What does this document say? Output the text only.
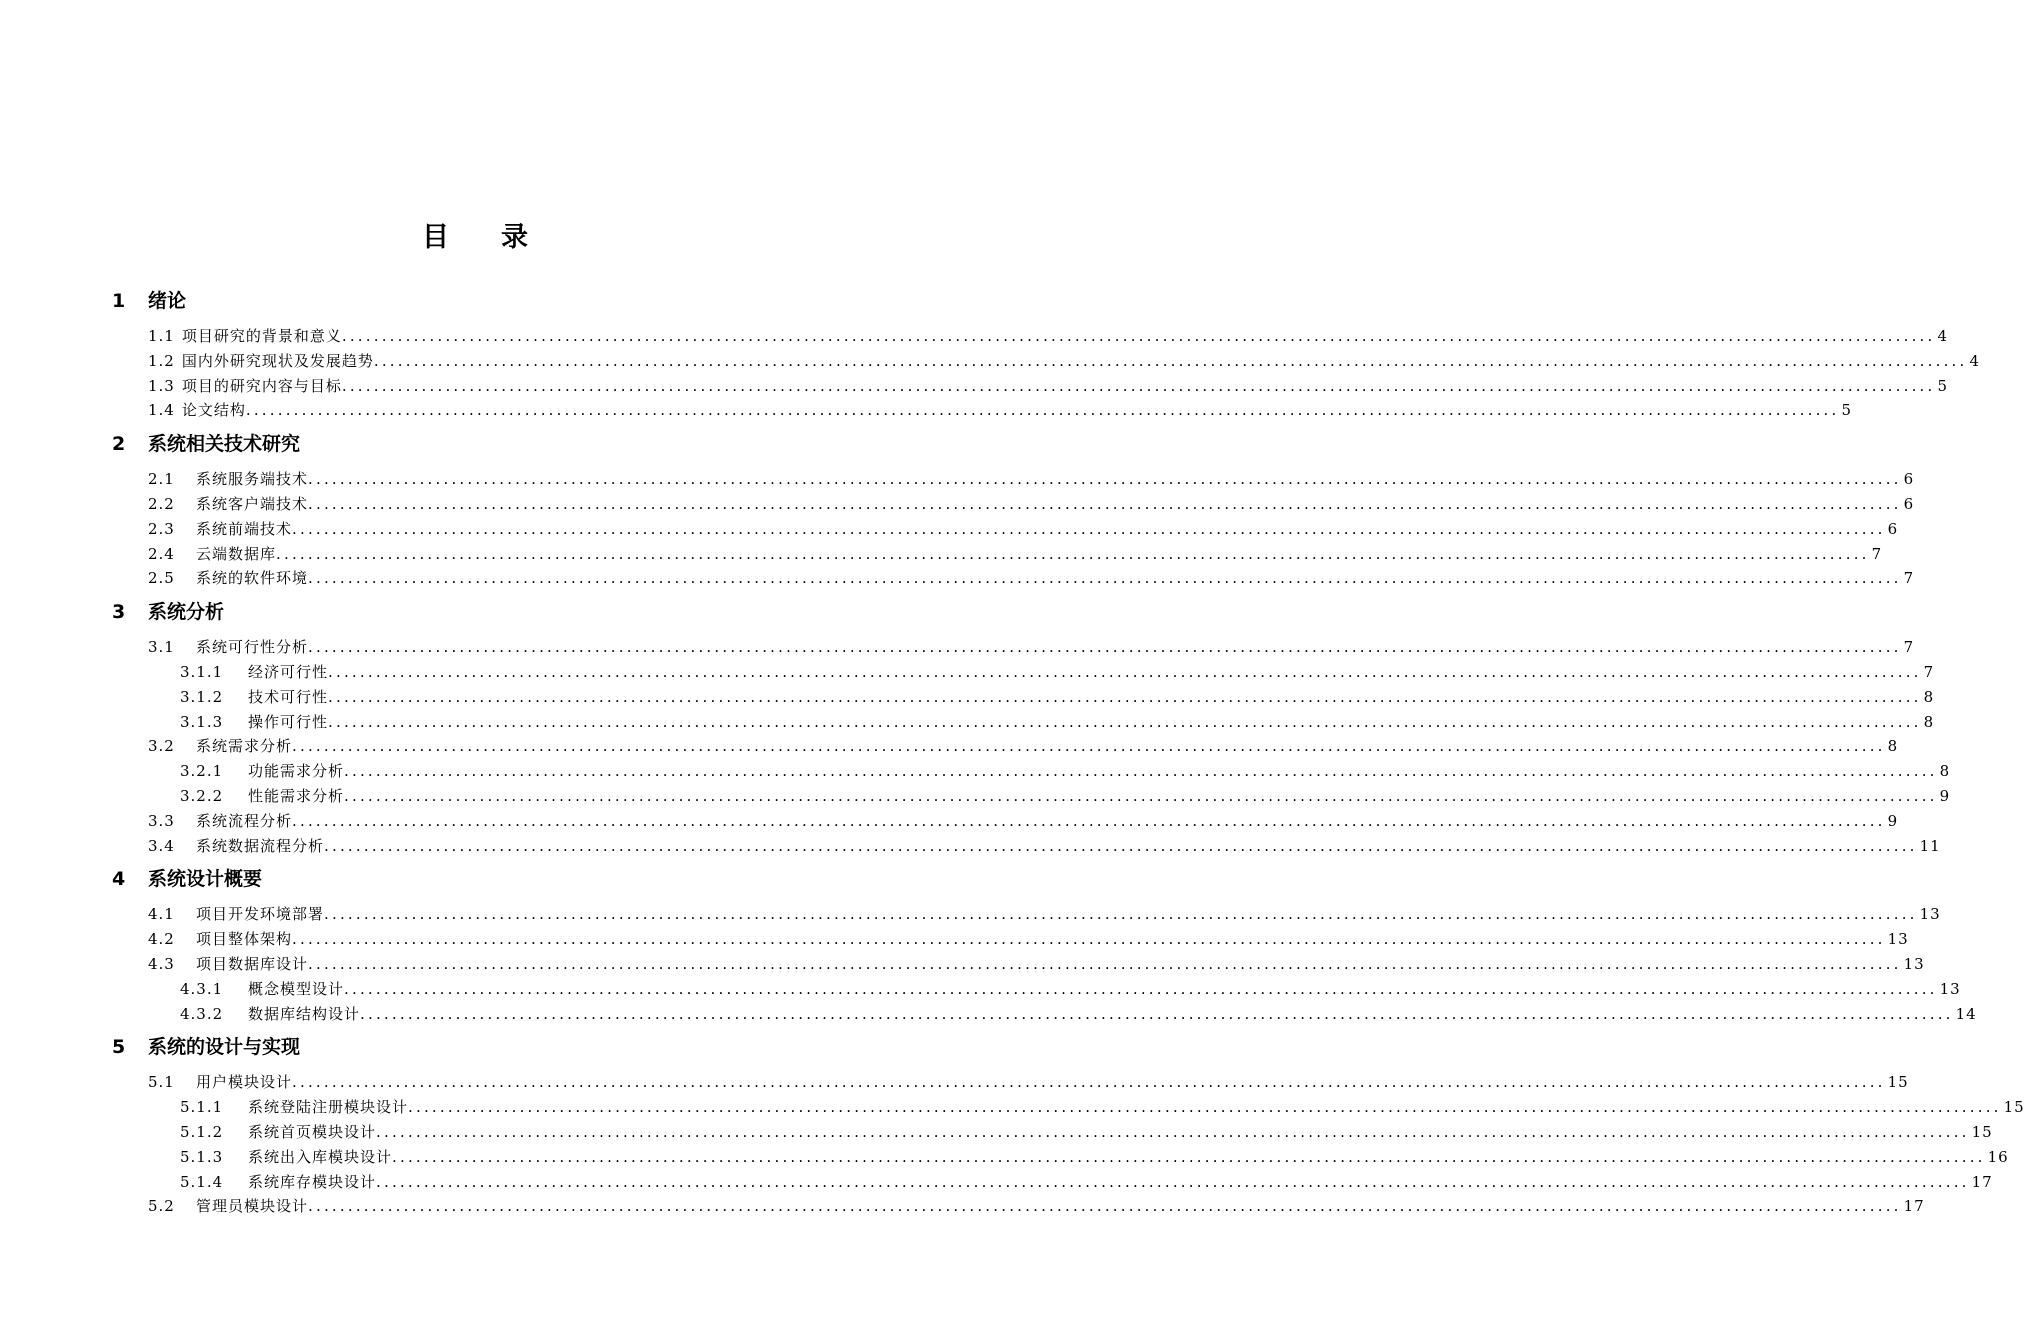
目录
1 绪论
1.1 项目研究的背景和意义 ........................................................................................................................................................................................................ 4
1.2 国内外研究现状及发展趋势 ........................................................................................................................................................................................................ 4
1.3 项目的研究内容与目标 ........................................................................................................................................................................................................ 5
1.4 论文结构 ........................................................................................................................................................................................................ 5
2 系统相关技术研究
2.1	系统服务端技术 ........................................................................................................................................................................................................ 6
2.2	系统客户端技术 ........................................................................................................................................................................................................ 6
2.3	系统前端技术 ........................................................................................................................................................................................................ 6
2.4	云端数据库 ........................................................................................................................................................................................................ 7
2.5	系统的软件环境 ........................................................................................................................................................................................................ 7
3 系统分析
3.1	系统可行性分析 ........................................................................................................................................................................................................ 7
3.1.1	经济可行性 ........................................................................................................................................................................................................ 7
3.1.2	技术可行性 ........................................................................................................................................................................................................ 8
3.1.3	操作可行性 ........................................................................................................................................................................................................ 8
3.2	系统需求分析 ........................................................................................................................................................................................................ 8
3.2.1	功能需求分析 ........................................................................................................................................................................................................ 8
3.2.2	性能需求分析 ........................................................................................................................................................................................................ 9
3.3	系统流程分析 ........................................................................................................................................................................................................ 9
3.4	系统数据流程分析 ........................................................................................................................................................................................................ 11
4 系统设计概要
4.1	项目开发环境部署 ........................................................................................................................................................................................................ 13
4.2	项目整体架构 ........................................................................................................................................................................................................ 13
4.3	项目数据库设计 ........................................................................................................................................................................................................ 13
4.3.1	概念模型设计 ........................................................................................................................................................................................................ 13
4.3.2	数据库结构设计 ........................................................................................................................................................................................................ 14
5 系统的设计与实现
5.1	用户模块设计 ........................................................................................................................................................................................................ 15
5.1.1	系统登陆注册模块设计 ........................................................................................................................................................................................................ 15
5.1.2	系统首页模块设计 ........................................................................................................................................................................................................ 15
5.1.3	系统出入库模块设计 ........................................................................................................................................................................................................ 16
5.1.4	系统库存模块设计 ........................................................................................................................................................................................................ 17
5.2	管理员模块设计 ........................................................................................................................................................................................................ 17
